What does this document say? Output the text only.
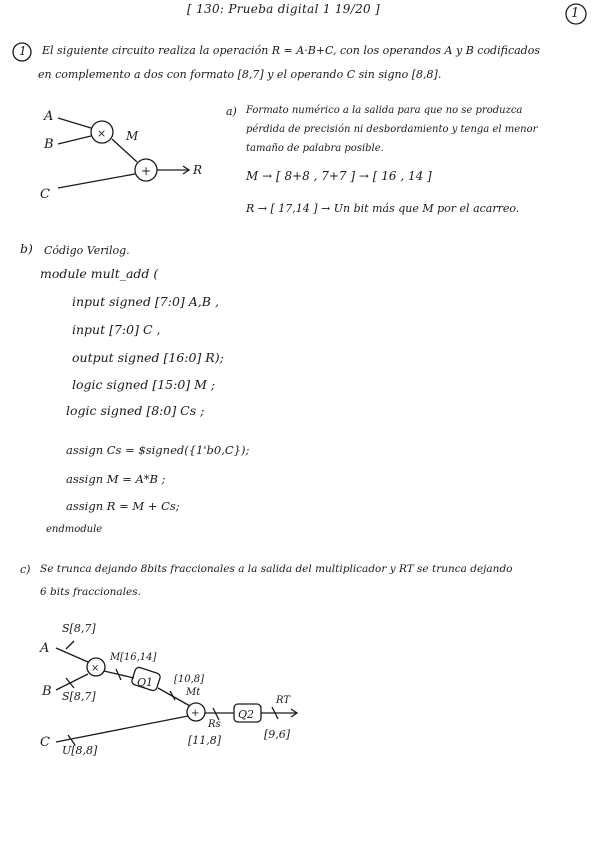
[ 130: Prueba digital 1 19/20 ]	1
1 El siguiente circuito realiza la operación R = A·B+C, con los operandos A y B codificados
en complemento a dos con formato [8,7] y el operando C sin signo [8,8].
a) Formato numérico a la salida para que no se produzca
pérdida de precisión ni desbordamiento y tenga el menor
tamaño de palabra posible.
M → [ 8+8 , 7+7 ] → [ 16 , 14 ]
R → [ 17,14 ] → Un bit más que M por el acarreo.
b) Código Verilog.
module mult_add (
input signed [7:0] A,B ,
input [7:0] C ,
output signed [16:0] R);
logic signed [15:0] M ;
logic signed [8:0] Cs ;
assign Cs = $signed({1'b0,C});
assign M = A*B ;
assign R = M + Cs;
endmodule
c) Se trunca dejando 8bits fraccionales a la salida del multiplicador y RT se trunca dejando
6 bits fraccionales.
A
B
C
× M
+	R
S[8,7]
A
B S[8,7]
C
U[8,8]
×
M [16,14]
Q1 [10,8]
Mt
+
Rs
[11,8]
Q2
RT
[9,6]
